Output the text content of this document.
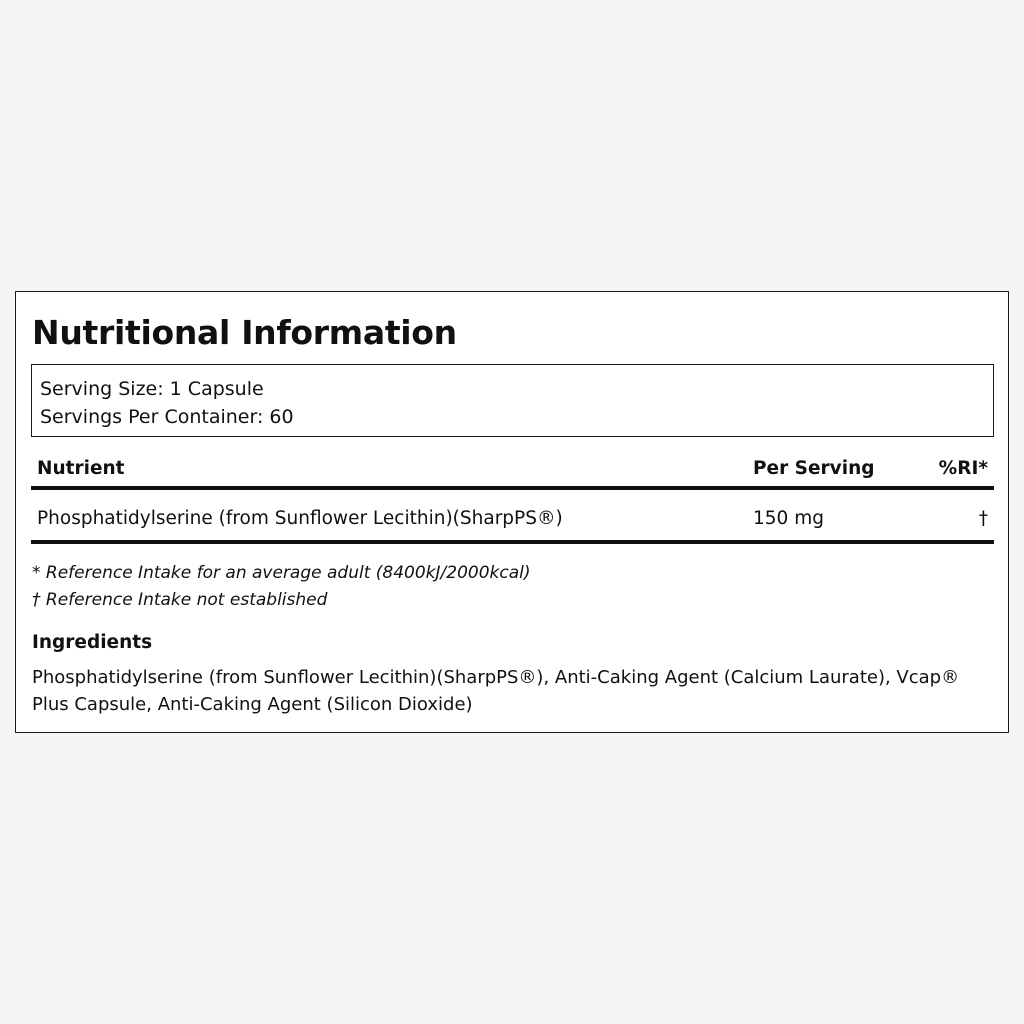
Nutritional Information
Serving Size: 1 Capsule
Servings Per Container: 60
Nutrient	Per Serving	%RI*
Phosphatidylserine (from Sunflower Lecithin)(SharpPS®)	150 mg	†
* Reference Intake for an average adult (8400kJ/2000kcal)
† Reference Intake not established
Ingredients

Phosphatidylserine (from Sunflower Lecithin)(SharpPS®), Anti-Caking Agent (Calcium Laurate), Vcap® Plus Capsule, Anti-Caking Agent (Silicon Dioxide)
